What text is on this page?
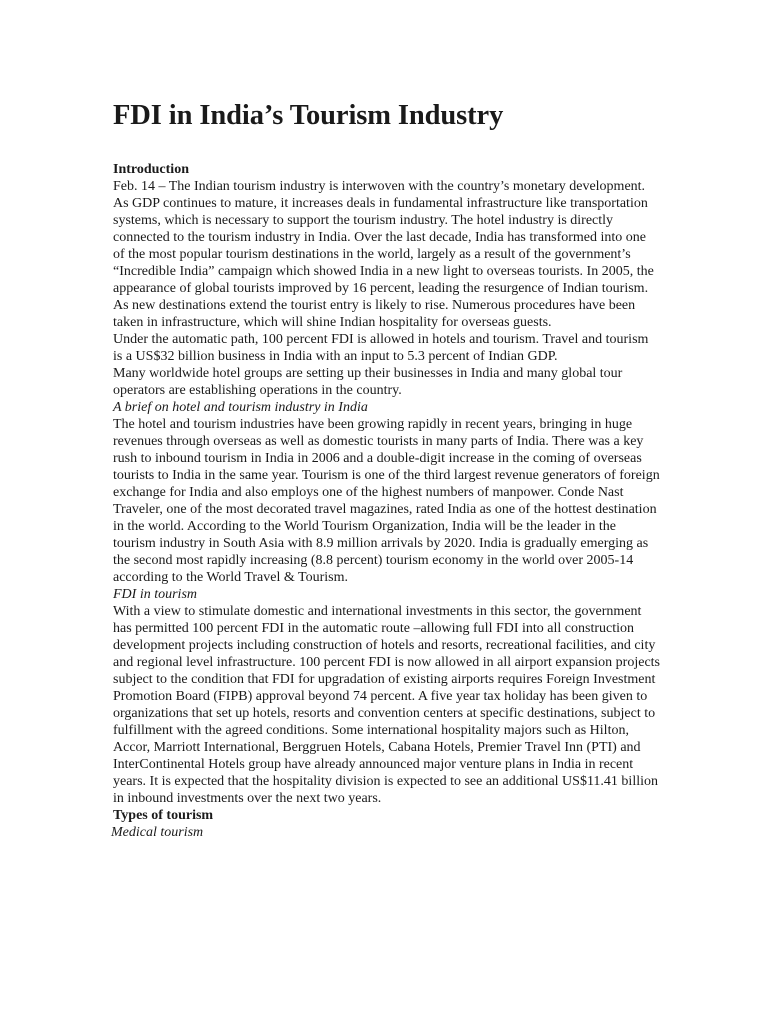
FDI in India’s Tourism Industry
Introduction

Feb. 14 – The Indian tourism industry is interwoven with the country’s monetary development. As GDP continues to mature, it increases deals in fundamental infrastructure like transportation systems, which is necessary to support the tourism industry. The hotel industry is directly connected to the tourism industry in India. Over the last decade, India has transformed into one of the most popular tourism destinations in the world, largely as a result of the government’s “Incredible India” campaign which showed India in a new light to overseas tourists. In 2005, the appearance of global tourists improved by 16 percent, leading the resurgence of Indian tourism.

As new destinations extend the tourist entry is likely to rise. Numerous procedures have been taken in infrastructure, which will shine Indian hospitality for overseas guests.

Under the automatic path, 100 percent FDI is allowed in hotels and tourism. Travel and tourism is a US$32 billion business in India with an input to 5.3 percent of Indian GDP.

Many worldwide hotel groups are setting up their businesses in India and many global tour operators are establishing operations in the country.

A brief on hotel and tourism industry in India

The hotel and tourism industries have been growing rapidly in recent years, bringing in huge revenues through overseas as well as domestic tourists in many parts of India. There was a key rush to inbound tourism in India in 2006 and a double-digit increase in the coming of overseas tourists to India in the same year. Tourism is one of the third largest revenue generators of foreign exchange for India and also employs one of the highest numbers of manpower. Conde Nast Traveler, one of the most decorated travel magazines, rated India as one of the hottest destination in the world. According to the World Tourism Organization, India will be the leader in the tourism industry in South Asia with 8.9 million arrivals by 2020. India is gradually emerging as the second most rapidly increasing (8.8 percent) tourism economy in the world over 2005-14 according to the World Travel & Tourism.

FDI in tourism

With a view to stimulate domestic and international investments in this sector, the government has permitted 100 percent FDI in the automatic route –allowing full FDI into all construction development projects including construction of hotels and resorts, recreational facilities, and city and regional level infrastructure. 100 percent FDI is now allowed in all airport expansion projects subject to the condition that FDI for upgradation of existing airports requires Foreign Investment Promotion Board (FIPB) approval beyond 74 percent. A five year tax holiday has been given to organizations that set up hotels, resorts and convention centers at specific destinations, subject to fulfillment with the agreed conditions. Some international hospitality majors such as Hilton, Accor, Marriott International, Berggruen Hotels, Cabana Hotels, Premier Travel Inn (PTI) and InterContinental Hotels group have already announced major venture plans in India in recent years. It is expected that the hospitality division is expected to see an additional US$11.41 billion in inbound investments over the next two years.

Types of tourism
Medical tourism
